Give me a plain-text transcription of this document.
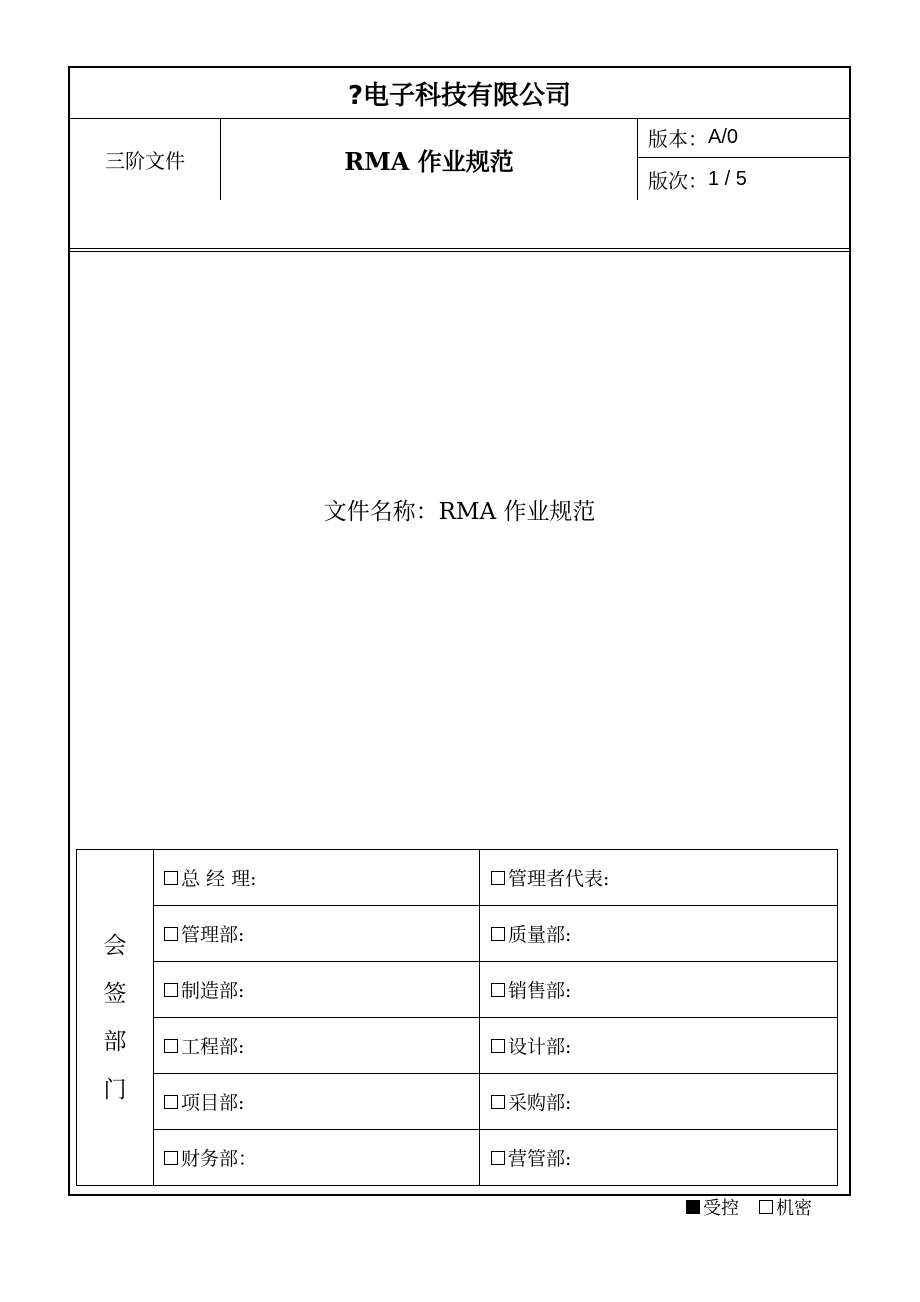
?电子科技有限公司
三阶文件	RMA 作业规范
版本： A/0
版次： 1 / 5
文件名称：RMA 作业规范
会
签
部
门
总 经 理:	管理者代表:
管理部:	质量部:
制造部:	销售部:
工程部:	设计部:
项目部:	采购部:
财务部：	营管部:
受控 机密
